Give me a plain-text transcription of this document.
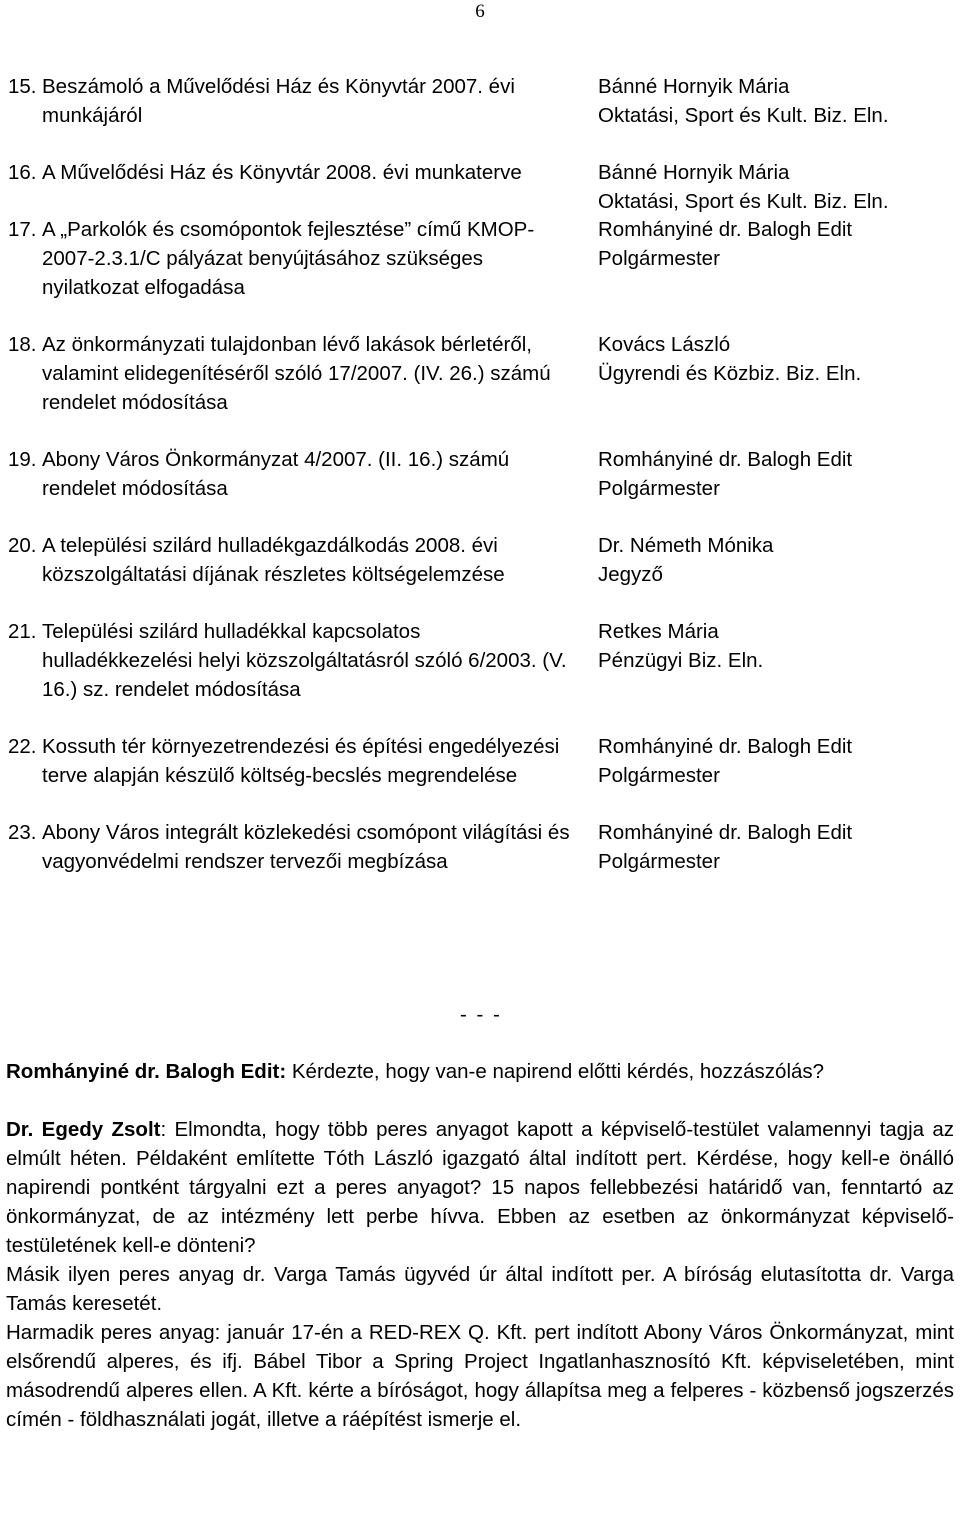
6
15. Beszámoló a Művelődési Ház és Könyvtár 2007. évi munkájáról
Bánné Hornyik Mária
Oktatási, Sport és Kult. Biz. Eln.
16. A Művelődési Ház és Könyvtár 2008. évi munkaterve	Bánné Hornyik Mária
Oktatási, Sport és Kult. Biz. Eln.
17. A „Parkolók és csomópontok fejlesztése” című KMOP-2007-2.3.1/C pályázat benyújtásához szükséges nyilatkozat elfogadása
Romhányiné dr. Balogh Edit
Polgármester
18. Az önkormányzati tulajdonban lévő lakások bérletéről, valamint elidegenítéséről szóló 17/2007. (IV. 26.) számú rendelet módosítása
Kovács László
Ügyrendi és Közbiz. Biz. Eln.
19. Abony Város Önkormányzat 4/2007. (II. 16.) számú rendelet módosítása
Romhányiné dr. Balogh Edit
Polgármester
20. A települési szilárd hulladékgazdálkodás 2008. évi közszolgáltatási díjának részletes költségelemzése
Dr. Németh Mónika
Jegyző
21. Települési szilárd hulladékkal kapcsolatos hulladékkezelési helyi közszolgáltatásról szóló 6/2003. (V. 16.) sz. rendelet módosítása
Retkes Mária
Pénzügyi Biz. Eln.
22. Kossuth tér környezetrendezési és építési engedélyezési terve alapján készülő költség-becslés megrendelése
Romhányiné dr. Balogh Edit
Polgármester
23. Abony Város integrált közlekedési csomópont világítási és vagyonvédelmi rendszer tervezői megbízása
Romhányiné dr. Balogh Edit
Polgármester
- - -

Romhányiné dr. Balogh Edit: Kérdezte, hogy van-e napirend előtti kérdés, hozzászólás?

Dr. Egedy Zsolt: Elmondta, hogy több peres anyagot kapott a képviselő-testület valamennyi tagja az elmúlt héten. Példaként említette Tóth László igazgató által indított pert. Kérdése, hogy kell-e önálló napirendi pontként tárgyalni ezt a peres anyagot? 15 napos fellebbezési határidő van, fenntartó az önkormányzat, de az intézmény lett perbe hívva. Ebben az esetben az önkormányzat képviselő-testületének kell-e dönteni?

Másik ilyen peres anyag dr. Varga Tamás ügyvéd úr által indított per. A bíróság elutasította dr. Varga Tamás keresetét.

Harmadik peres anyag: január 17-én a RED-REX Q. Kft. pert indított Abony Város Önkormányzat, mint elsőrendű alperes, és ifj. Bábel Tibor a Spring Project Ingatlanhasznosító Kft. képviseletében, mint másodrendű alperes ellen. A Kft. kérte a bíróságot, hogy állapítsa meg a felperes - közbenső jogszerzés címén - földhasználati jogát, illetve a ráépítést ismerje el.
